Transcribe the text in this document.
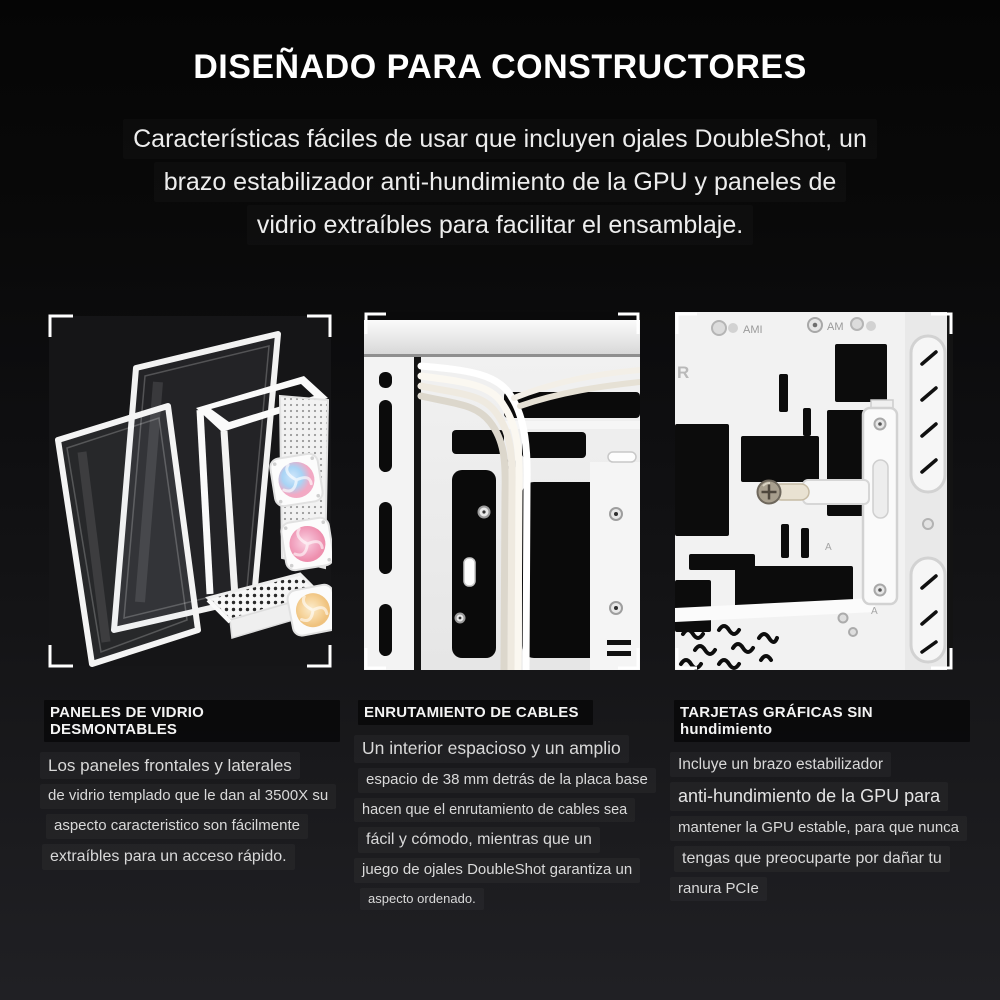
DISEÑADO PARA CONSTRUCTORES
Características fáciles de usar que incluyen ojales DoubleShot, un
brazo estabilizador anti-hundimiento de la GPU y paneles de
vidrio extraíbles para facilitar el ensamblaje.
AMI	AM
R
A
A
PANELES DE VIDRIO DESMONTABLES

Los paneles frontales y laterales

de vidrio templado que le dan al 3500X su

aspecto caracteristico son fácilmente

extraíbles para un acceso rápido.

ENRUTAMIENTO DE CABLES

Un interior espacioso y un amplio

espacio de 38 mm detrás de la placa base

hacen que el enrutamiento de cables sea

fácil y cómodo, mientras que un

juego de ojales DoubleShot garantiza un

aspecto ordenado.

TARJETAS GRÁFICAS SIN hundimiento

Incluye un brazo estabilizador

anti-hundimiento de la GPU para

mantener la GPU estable, para que nunca

tengas que preocuparte por dañar tu

ranura PCIe
